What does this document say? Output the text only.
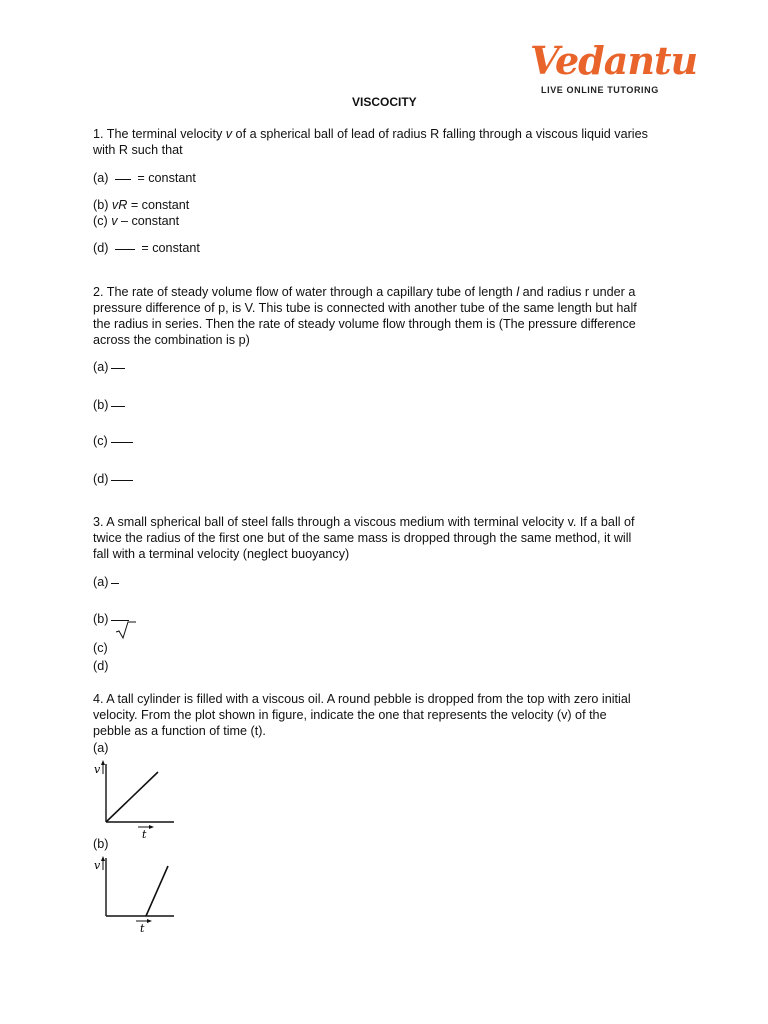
Vedantu
LIVE ONLINE TUTORING
VISCOCITY
1. The terminal velocity v of a spherical ball of lead of radius R falling through a viscous liquid varies
with R such that
(a) = constant
(b) vR = constant
(c) v – constant
(d)	= constant
2. The rate of steady volume flow of water through a capillary tube of length l and radius r under a
pressure difference of p, is V. This tube is connected with another tube of the same length but half
the radius in series. Then the rate of steady volume flow through them is (The pressure difference
across the combination is p)
(a)
(b)
(c)
(d)
3. A small spherical ball of steel falls through a viscous medium with terminal velocity v. If a ball of
twice the radius of the first one but of the same mass is dropped through the same method, it will
fall with a terminal velocity (neglect buoyancy)
(a)
(b)
(c)
(d)
4. A tall cylinder is filled with a viscous oil. A round pebble is dropped from the top with zero initial
velocity. From the plot shown in figure, indicate the one that represents the velocity (v) of the
pebble as a function of time (t).
(a)
v
t
(b)
v
t
